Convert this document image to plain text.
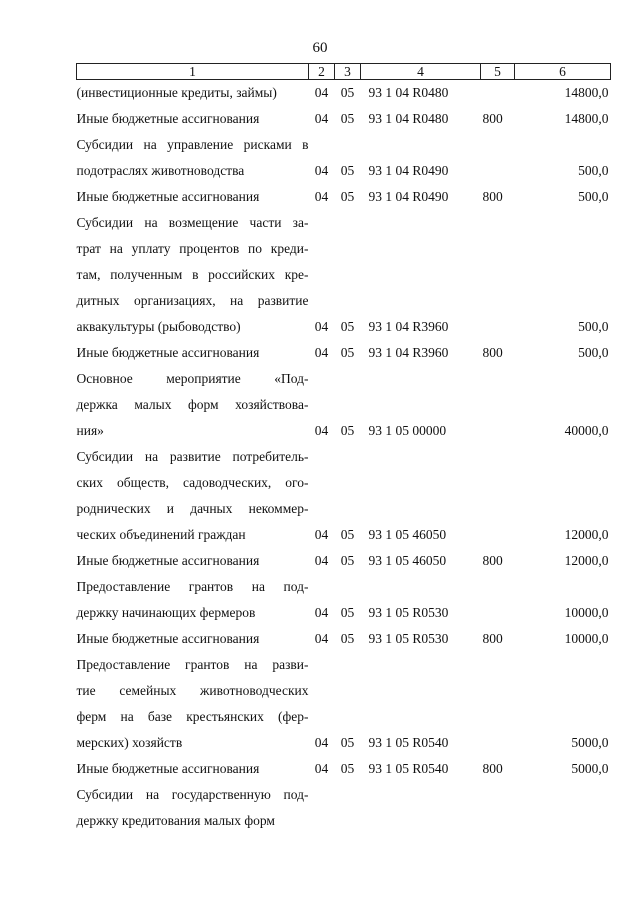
60
1	2	3	4	5	6

(инвестиционные кредиты, займы)	04	05	93 1 04 R0480		14800,0

Иные бюджетные ассигнования	04	05	93 1 04 R0480	800	14800,0

Субсидии на управление рисками в
подотраслях животноводства	04	05	93 1 04 R0490		500,0

Иные бюджетные ассигнования	04	05	93 1 04 R0490	800	500,0

Субсидии на возмещение части за-
трат на уплату процентов по креди-
там, полученным в российских кре-
дитных организациях, на развитие
аквакультуры (рыбоводство)	04	05	93 1 04 R3960		500,0

Иные бюджетные ассигнования	04	05	93 1 04 R3960	800	500,0

Основное мероприятие «Под-
держка малых форм хозяйствова-
ния»	04	05	93 1 05 00000		40000,0

Субсидии на развитие потребитель-
ских обществ, садоводческих, ого-
роднических и дачных некоммер-
ческих объединений граждан	04	05	93 1 05 46050		12000,0

Иные бюджетные ассигнования	04	05	93 1 05 46050	800	12000,0

Предоставление грантов на под-
держку начинающих фермеров	04	05	93 1 05 R0530		10000,0

Иные бюджетные ассигнования	04	05	93 1 05 R0530	800	10000,0

Предоставление грантов на разви-
тие семейных животноводческих
ферм на базе крестьянских (фер-
мерских) хозяйств	04	05	93 1 05 R0540		5000,0

Иные бюджетные ассигнования	04	05	93 1 05 R0540	800	5000,0

Субсидии на государственную под-
держку кредитования малых форм					
